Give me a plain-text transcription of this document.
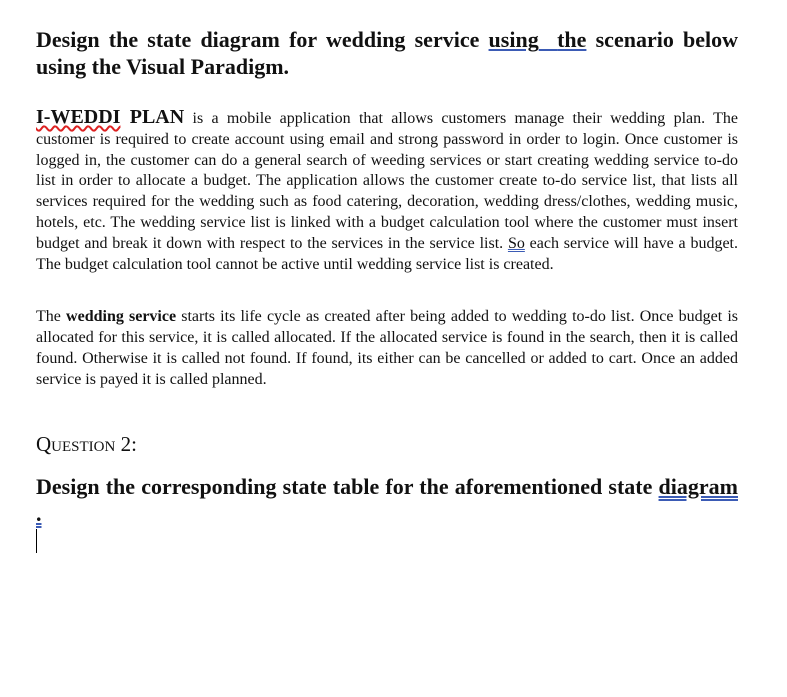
Design the state diagram for wedding service using the scenario below using the Visual Paradigm.

I-WEDDI PLAN is a mobile application that allows customers manage their wedding plan. The customer is required to create account using email and strong password in order to login. Once customer is logged in, the customer can do a general search of weeding services or start creating wedding service to-do list in order to allocate a budget. The application allows the customer create to-do service list, that lists all services required for the wedding such as food catering, decoration, wedding dress/clothes, wedding music, hotels, etc. The wedding service list is linked with a budget calculation tool where the customer must insert budget and break it down with respect to the services in the service list. So each service will have a budget. The budget calculation tool cannot be active until wedding service list is created.

The wedding service starts its life cycle as created after being added to wedding to-do list. Once budget is allocated for this service, it is called allocated. If the allocated service is found in the search, then it is called found. Otherwise it is called not found. If found, its either can be cancelled or added to cart. Once an added service is payed it is called planned.

Question 2:

Design the corresponding state table for the aforementioned state diagram .
